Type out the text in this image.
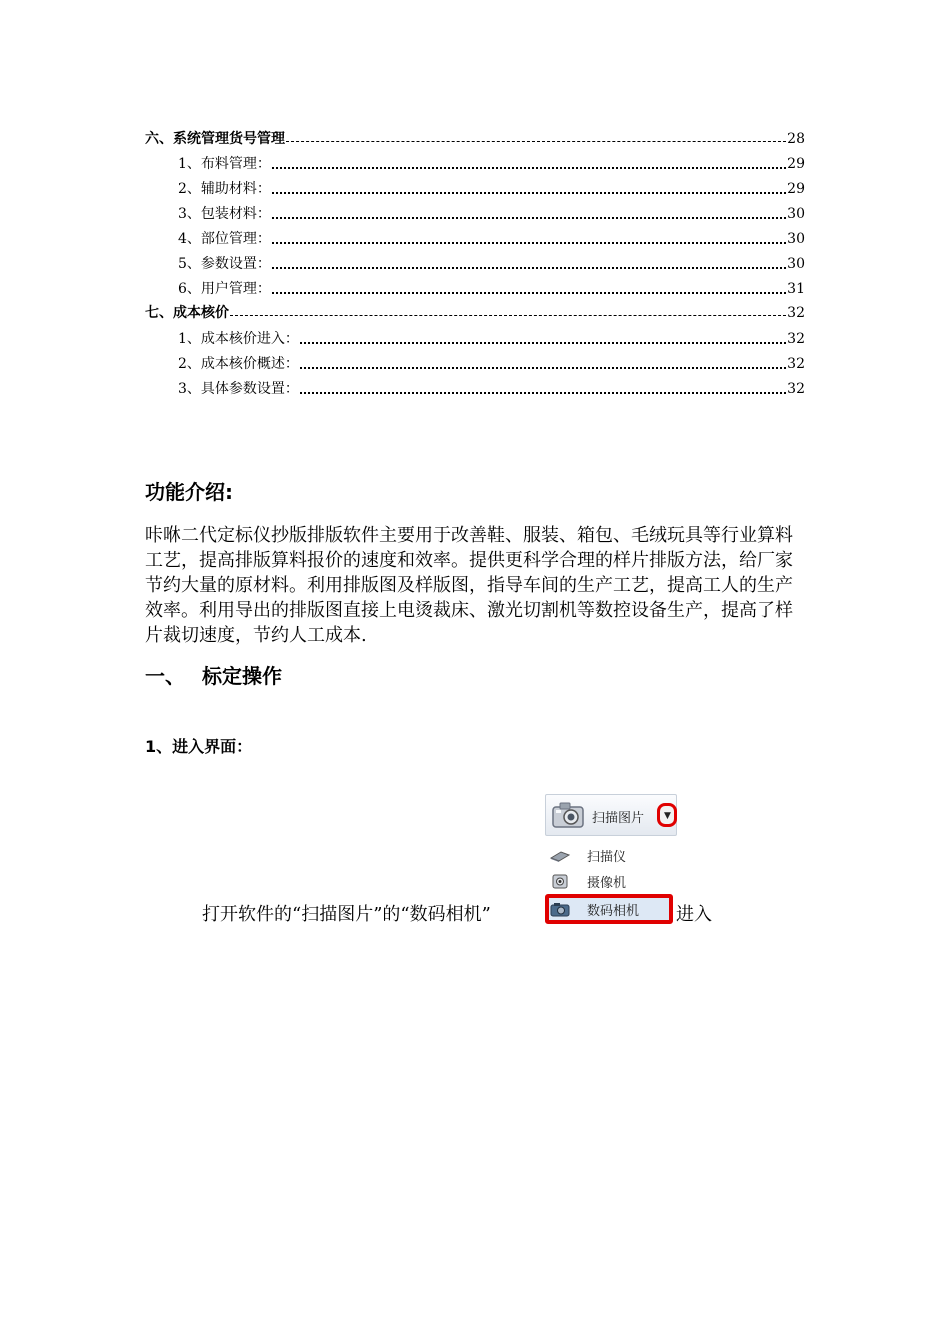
六、系统管理货号管理	28
1、布料管理：	29
2、辅助材料：	29
3、包装材料：	30
4、部位管理：	30
5、参数设置：	30
6、用户管理：	31
七、成本核价	32
1、成本核价进入：	32
2、成本核价概述：	32
3、具体参数设置：	32
功能介绍:
咔咻二代定标仪抄版排版软件主要用于改善鞋、服装、箱包、毛绒玩具等行业算料工艺，提高排版算料报价的速度和效率。提供更科学合理的样片排版方法，给厂家节约大量的原材料。利用排版图及样版图，指导车间的生产工艺，提高工人的生产效率。利用导出的排版图直接上电烫裁床、激光切割机等数控设备生产，提高了样片裁切速度，节约人工成本.
一、 标定操作
1、进入界面：
打开软件的“扫描图片”的“数码相机”	进入
扫描图片 ▼
扫描仪
摄像机
数码相机
